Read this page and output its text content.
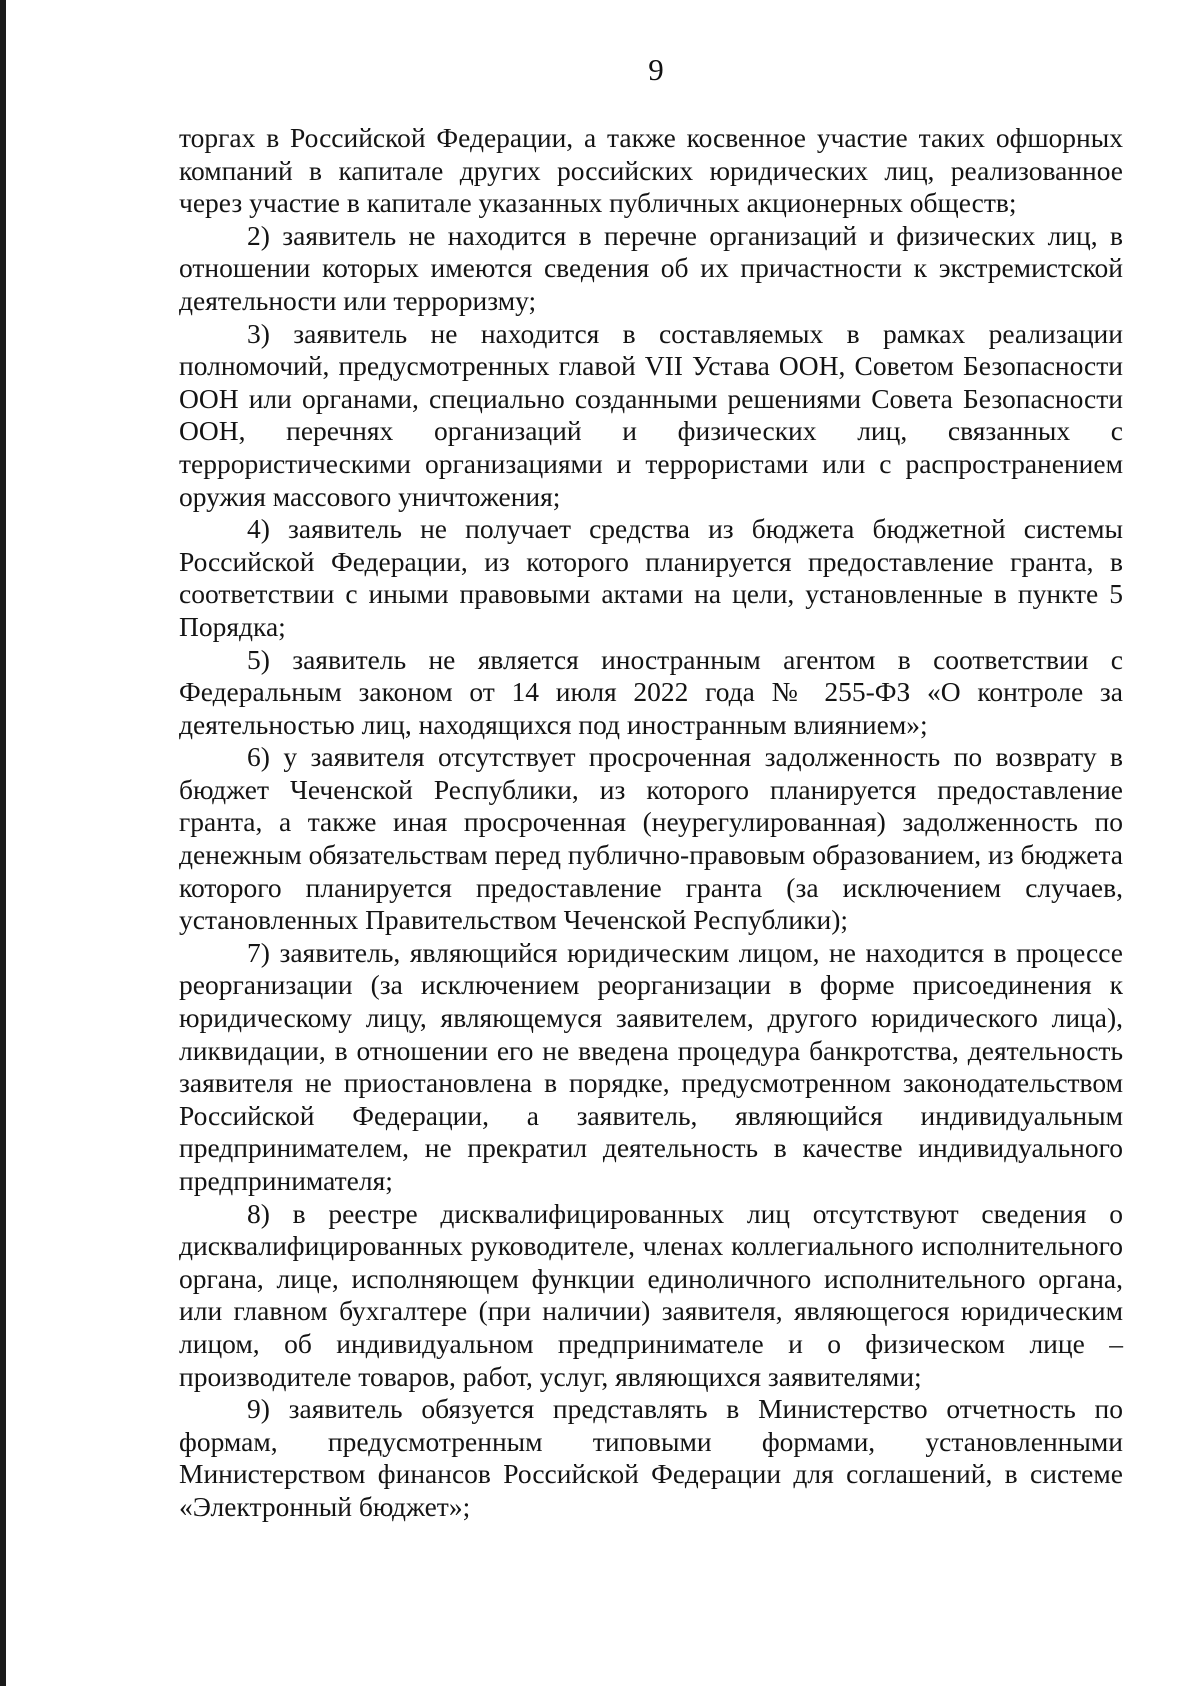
9

торгах в Российской Федерации, а также косвенное участие таких офшорных компаний в капитале других российских юридических лиц, реализованное через участие в капитале указанных публичных акционерных обществ;

2) заявитель не находится в перечне организаций и физических лиц, в отношении которых имеются сведения об их причастности к экстремистской деятельности или терроризму;

3) заявитель не находится в составляемых в рамках реализации полномочий, предусмотренных главой VII Устава ООН, Советом Безопасности ООН или органами, специально созданными решениями Совета Безопасности ООН, перечнях организаций и физических лиц, связанных с террористическими организациями и террористами или с распространением оружия массового уничтожения;

4) заявитель не получает средства из бюджета бюджетной системы Российской Федерации, из которого планируется предоставление гранта, в соответствии с иными правовыми актами на цели, установленные в пункте 5 Порядка;

5) заявитель не является иностранным агентом в соответствии с Федеральным законом от 14 июля 2022 года № 255-ФЗ «О контроле за деятельностью лиц, находящихся под иностранным влиянием»;

6) у заявителя отсутствует просроченная задолженность по возврату в бюджет Чеченской Республики, из которого планируется предоставление гранта, а также иная просроченная (неурегулированная) задолженность по денежным обязательствам перед публично-правовым образованием, из бюджета которого планируется предоставление гранта (за исключением случаев, установленных Правительством Чеченской Республики);

7) заявитель, являющийся юридическим лицом, не находится в процессе реорганизации (за исключением реорганизации в форме присоединения к юридическому лицу, являющемуся заявителем, другого юридического лица), ликвидации, в отношении его не введена процедура банкротства, деятельность заявителя не приостановлена в порядке, предусмотренном законодательством Российской Федерации, а заявитель, являющийся индивидуальным предпринимателем, не прекратил деятельность в качестве индивидуального предпринимателя;

8) в реестре дисквалифицированных лиц отсутствуют сведения о дисквалифицированных руководителе, членах коллегиального исполнительного органа, лице, исполняющем функции единоличного исполнительного органа, или главном бухгалтере (при наличии) заявителя, являющегося юридическим лицом, об индивидуальном предпринимателе и о физическом лице – производителе товаров, работ, услуг, являющихся заявителями;

9) заявитель обязуется представлять в Министерство отчетность по формам, предусмотренным типовыми формами, установленными Министерством финансов Российской Федерации для соглашений, в системе «Электронный бюджет»;
